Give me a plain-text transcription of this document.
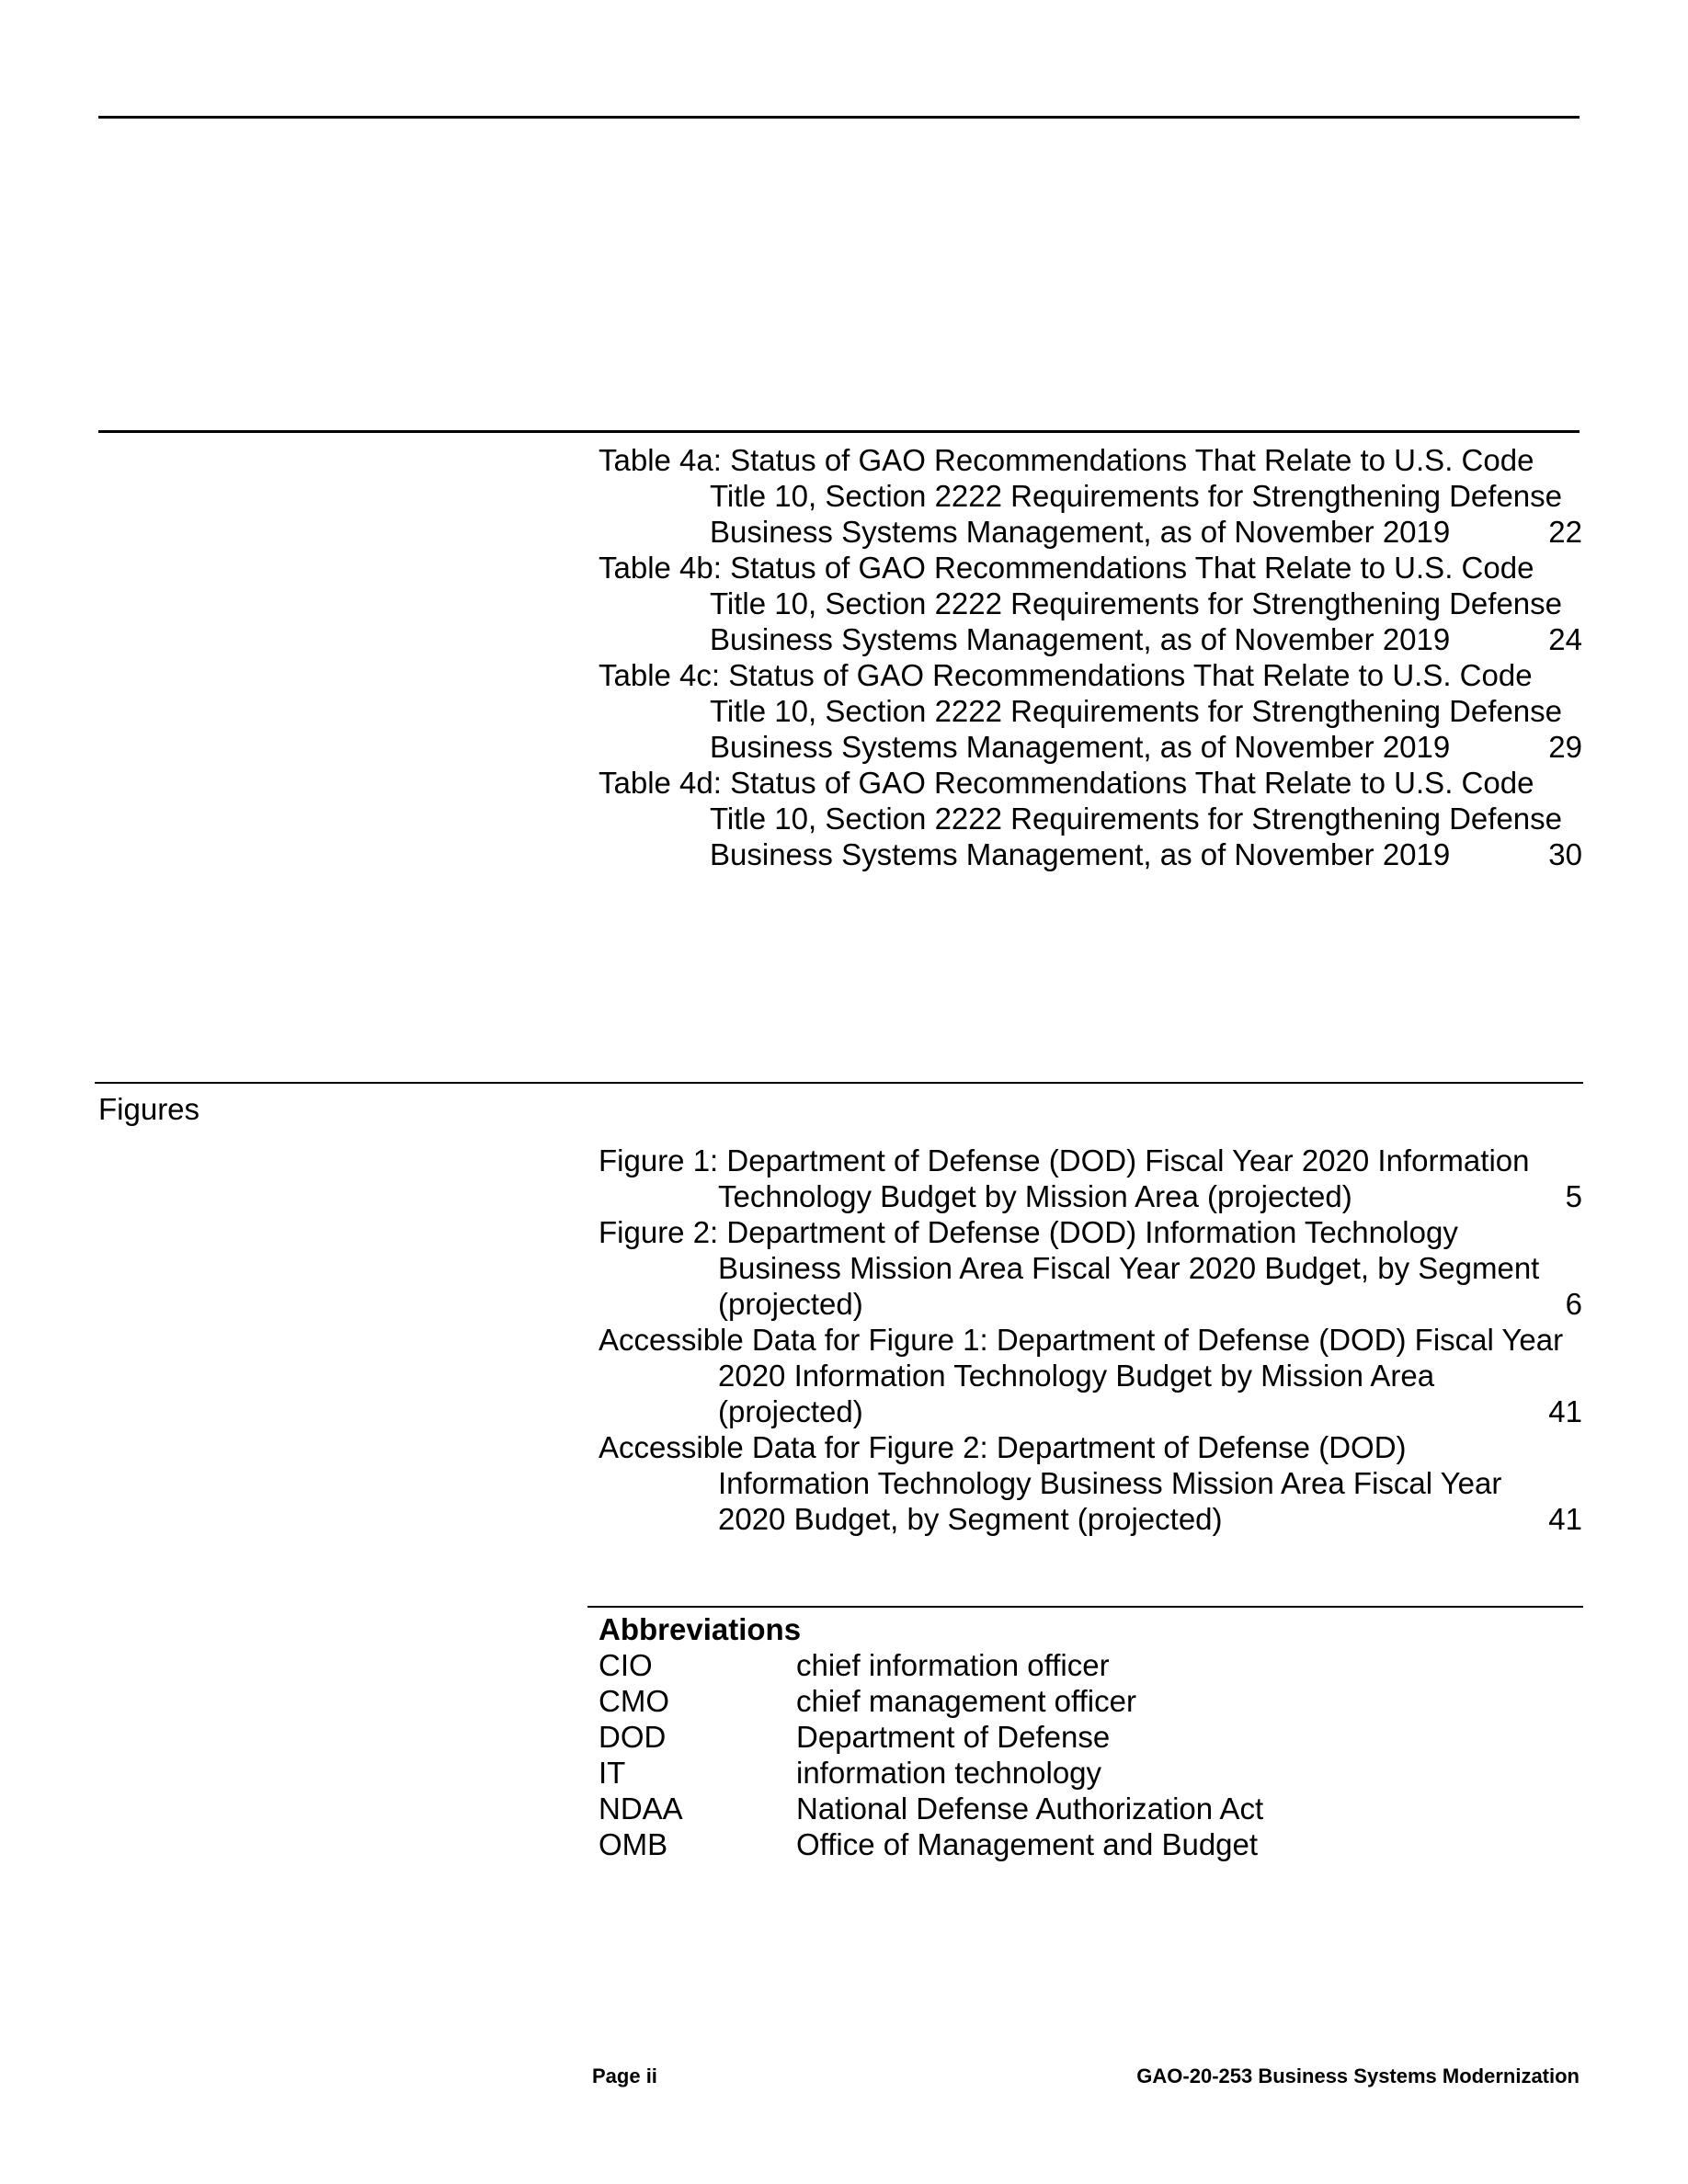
Table 4a: Status of GAO Recommendations That Relate to U.S. Code Title 10, Section 2222 Requirements for Strengthening Defense Business Systems Management, as of November 2019	22
Table 4b: Status of GAO Recommendations That Relate to U.S. Code Title 10, Section 2222 Requirements for Strengthening Defense Business Systems Management, as of November 2019	24
Table 4c: Status of GAO Recommendations That Relate to U.S. Code Title 10, Section 2222 Requirements for Strengthening Defense Business Systems Management, as of November 2019	29
Table 4d: Status of GAO Recommendations That Relate to U.S. Code Title 10, Section 2222 Requirements for Strengthening Defense Business Systems Management, as of November 2019	30
Figures
Figure 1: Department of Defense (DOD) Fiscal Year 2020 Information Technology Budget by Mission Area (projected)	5
Figure 2: Department of Defense (DOD) Information Technology Business Mission Area Fiscal Year 2020 Budget, by Segment (projected)	6
Accessible Data for Figure 1: Department of Defense (DOD) Fiscal Year 2020 Information Technology Budget by Mission Area (projected)	41
Accessible Data for Figure 2: Department of Defense (DOD) Information Technology Business Mission Area Fiscal Year 2020 Budget, by Segment (projected)	41
Abbreviations
CIO	chief information officer
CMO	chief management officer
DOD	Department of Defense
IT	information technology
NDAA	National Defense Authorization Act
OMB	Office of Management and Budget
Page ii	GAO-20-253 Business Systems Modernization
